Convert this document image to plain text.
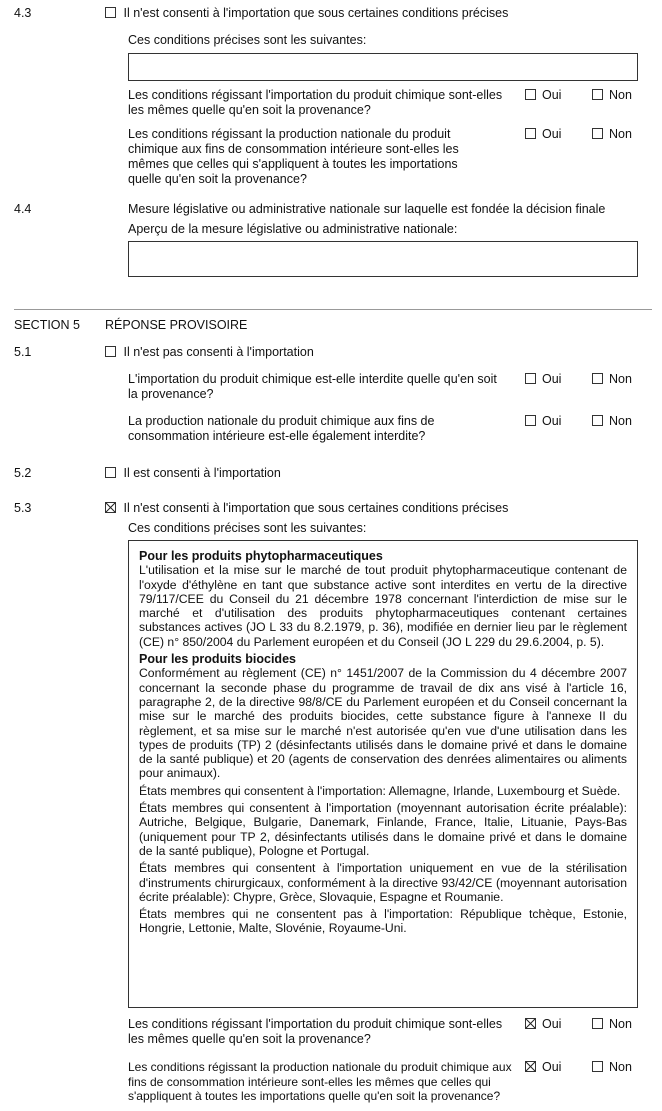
4.3	Il n'est consenti à l'importation que sous certaines conditions précises
Ces conditions précises sont les suivantes:
Les conditions régissant l'importation du produit chimique sont-elles les mêmes quelle qu'en soit la provenance?
Oui	Non
Les conditions régissant la production nationale du produit chimique aux fins de consommation intérieure sont-elles les mêmes que celles qui s'appliquent à toutes les importations quelle qu'en soit la provenance?
Oui	Non
4.4	Mesure législative ou administrative nationale sur laquelle est fondée la décision finale
Aperçu de la mesure législative ou administrative nationale:
SECTION 5 RÉPONSE PROVISOIRE
5.1	Il n'est pas consenti à l'importation
L'importation du produit chimique est-elle interdite quelle qu'en soit la provenance?
Oui	Non
La production nationale du produit chimique aux fins de consommation intérieure est-elle également interdite?
Oui	Non
5.2	Il est consenti à l'importation
5.3	Il n'est consenti à l'importation que sous certaines conditions précises
Ces conditions précises sont les suivantes:

Pour les produits phytopharmaceutiques

L'utilisation et la mise sur le marché de tout produit phytopharmaceutique contenant de l'oxyde d'éthylène en tant que substance active sont interdites en vertu de la directive 79/117/CEE du Conseil du 21 décembre 1978 concernant l'interdiction de mise sur le marché et d'utilisation des produits phytopharmaceutiques contenant certaines substances actives (JO L 33 du 8.2.1979, p. 36), modifiée en dernier lieu par le règlement (CE) n° 850/2004 du Parlement européen et du Conseil (JO L 229 du 29.6.2004, p. 5).

Pour les produits biocides

Conformément au règlement (CE) n° 1451/2007 de la Commission du 4 décembre 2007 concernant la seconde phase du programme de travail de dix ans visé à l'article 16, paragraphe 2, de la directive 98/8/CE du Parlement européen et du Conseil concernant la mise sur le marché des produits biocides, cette substance figure à l'annexe II du règlement, et sa mise sur le marché n'est autorisée qu'en vue d'une utilisation dans les types de produits (TP) 2 (désinfectants utilisés dans le domaine privé et dans le domaine de la santé publique) et 20 (agents de conservation des denrées alimentaires ou aliments pour animaux).

États membres qui consentent à l'importation: Allemagne, Irlande, Luxembourg et Suède.

États membres qui consentent à l'importation (moyennant autorisation écrite préalable): Autriche, Belgique, Bulgarie, Danemark, Finlande, France, Italie, Lituanie, Pays-Bas (uniquement pour TP 2, désinfectants utilisés dans le domaine privé et dans le domaine de la santé publique), Pologne et Portugal.

États membres qui consentent à l'importation uniquement en vue de la stérilisation d'instruments chirurgicaux, conformément à la directive 93/42/CE (moyennant autorisation écrite préalable): Chypre, Grèce, Slovaquie, Espagne et Roumanie.

États membres qui ne consentent pas à l'importation: République tchèque, Estonie, Hongrie, Lettonie, Malte, Slovénie, Royaume-Uni.

Les conditions régissant l'importation du produit chimique sont-elles les mêmes quelle qu'en soit la provenance?
Oui	Non
Les conditions régissant la production nationale du produit chimique aux fins de consommation intérieure sont-elles les mêmes que celles qui s'appliquent à toutes les importations quelle qu'en soit la provenance?
Oui	Non
